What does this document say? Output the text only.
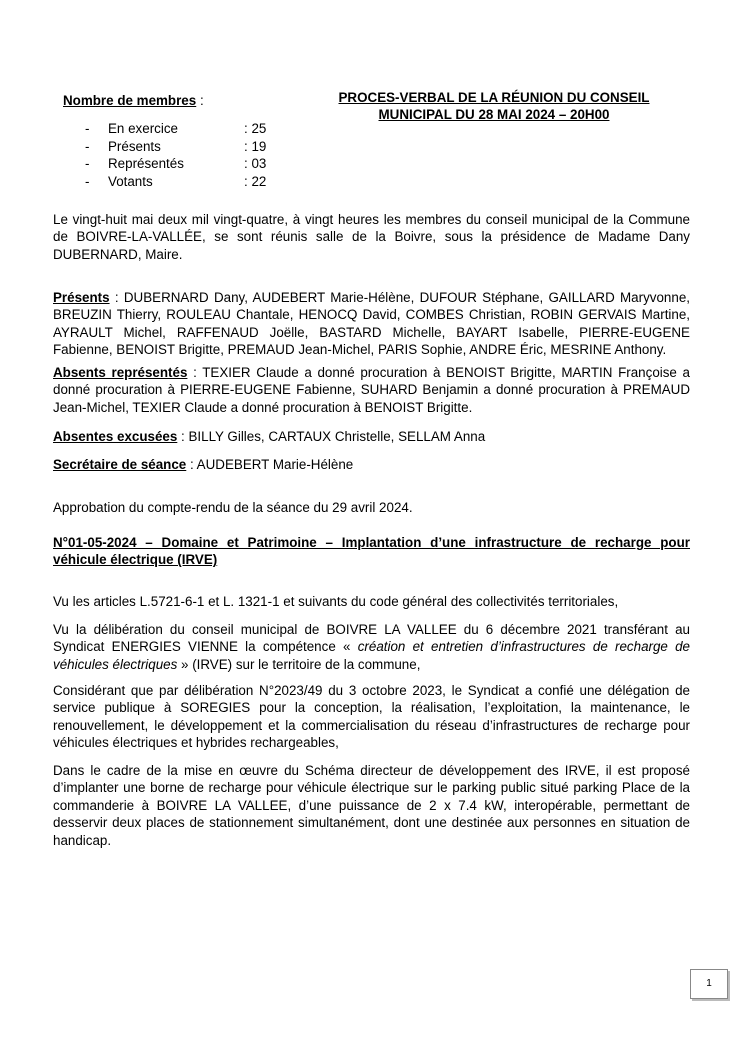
Nombre de membres :
-	En exercice	: 25
-	Présents	: 19
-	Représentés	: 03
-	Votants	: 22
PROCES-VERBAL DE LA RÉUNION DU CONSEIL
MUNICIPAL DU 28 MAI 2024 – 20H00

Le vingt-huit mai deux mil vingt-quatre, à vingt heures les membres du conseil municipal de la Commune de BOIVRE-LA-VALLÉE, se sont réunis salle de la Boivre, sous la présidence de Madame Dany DUBERNARD, Maire.

Présents : DUBERNARD Dany, AUDEBERT Marie-Hélène, DUFOUR Stéphane, GAILLARD Maryvonne, BREUZIN Thierry, ROULEAU Chantale, HENOCQ David, COMBES Christian, ROBIN GERVAIS Martine, AYRAULT Michel, RAFFENAUD Joëlle, BASTARD Michelle, BAYART Isabelle, PIERRE-EUGENE Fabienne, BENOIST Brigitte, PREMAUD Jean-Michel, PARIS Sophie, ANDRE Éric, MESRINE Anthony.

Absents représentés : TEXIER Claude a donné procuration à BENOIST Brigitte, MARTIN Françoise a donné procuration à PIERRE-EUGENE Fabienne, SUHARD Benjamin a donné procuration à PREMAUD Jean-Michel, TEXIER Claude a donné procuration à BENOIST Brigitte.

Absentes excusées : BILLY Gilles, CARTAUX Christelle, SELLAM Anna

Secrétaire de séance : AUDEBERT Marie-Hélène

Approbation du compte-rendu de la séance du 29 avril 2024.

N°01-05-2024 – Domaine et Patrimoine – Implantation d’une infrastructure de recharge pour véhicule électrique (IRVE)

Vu les articles L.5721-6-1 et L. 1321-1 et suivants du code général des collectivités territoriales,

Vu la délibération du conseil municipal de BOIVRE LA VALLEE du 6 décembre 2021 transférant au Syndicat ENERGIES VIENNE la compétence « création et entretien d’infrastructures de recharge de véhicules électriques » (IRVE) sur le territoire de la commune,

Considérant que par délibération N°2023/49 du 3 octobre 2023, le Syndicat a confié une délégation de service publique à SOREGIES pour la conception, la réalisation, l’exploitation, la maintenance, le renouvellement, le développement et la commercialisation du réseau d’infrastructures de recharge pour véhicules électriques et hybrides rechargeables,

Dans le cadre de la mise en œuvre du Schéma directeur de développement des IRVE, il est proposé d’implanter une borne de recharge pour véhicule électrique sur le parking public situé parking Place de la commanderie à BOIVRE LA VALLEE, d’une puissance de 2 x 7.4 kW, interopérable, permettant de desservir deux places de stationnement simultanément, dont une destinée aux personnes en situation de handicap.

1
